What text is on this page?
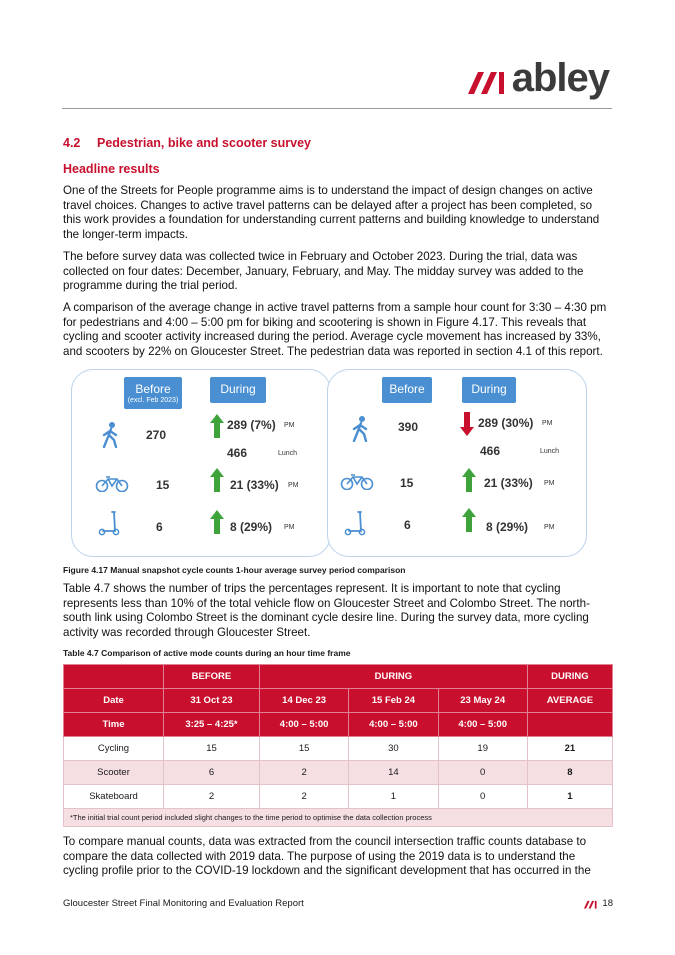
abley
4.2	Pedestrian, bike and scooter survey
Headline results

One of the Streets for People programme aims is to understand the impact of design changes on active travel choices. Changes to active travel patterns can be delayed after a project has been completed, so this work provides a foundation for understanding current patterns and building knowledge to understand the longer-term impacts.

The before survey data was collected twice in February and October 2023. During the trial, data was collected on four dates: December, January, February, and May. The midday survey was added to the programme during the trial period.

A comparison of the average change in active travel patterns from a sample hour count for 3:30 – 4:30 pm for pedestrians and 4:00 – 5:00 pm for biking and scootering is shown in Figure 4.17. This reveals that cycling and scooter activity increased during the period. Average cycle movement has increased by 33%, and scooters by 22% on Gloucester Street. The pedestrian data was reported in section 4.1 of this report.

Before
(excl. Feb 2023)
During
270
289 (7%) PM
466	Lunch
15	21 (33%) PM
6	8 (29%) PM
Before	During
390	289 (30%) PM
466	Lunch
15	21 (33%) PM
6	8 (29%) PM
Figure 4.17 Manual snapshot cycle counts 1-hour average survey period comparison

Table 4.7 shows the number of trips the percentages represent. It is important to note that cycling represents less than 10% of the total vehicle flow on Gloucester Street and Colombo Street. The north-south link using Colombo Street is the dominant cycle desire line. During the survey data, more cycling activity was recorded through Gloucester Street.

Table 4.7 Comparison of active mode counts during an hour time frame
	BEFORE	DURING			DURING
Date	31 Oct 23	14 Dec 23	15 Feb 24	23 May 24	AVERAGE
Time	3:25 – 4:25*	4:00 – 5:00	4:00 – 5:00	4:00 – 5:00	
Cycling	15	15	30	19	21
Scooter	6	2	14	0	8
Skateboard	2	2	1	0	1
*The initial trial count period included slight changes to the time period to optimise the data collection process

To compare manual counts, data was extracted from the council intersection traffic counts database to compare the data collected with 2019 data. The purpose of using the 2019 data is to understand the cycling profile prior to the COVID-19 lockdown and the significant development that has occurred in the

Gloucester Street Final Monitoring and Evaluation Report	18
